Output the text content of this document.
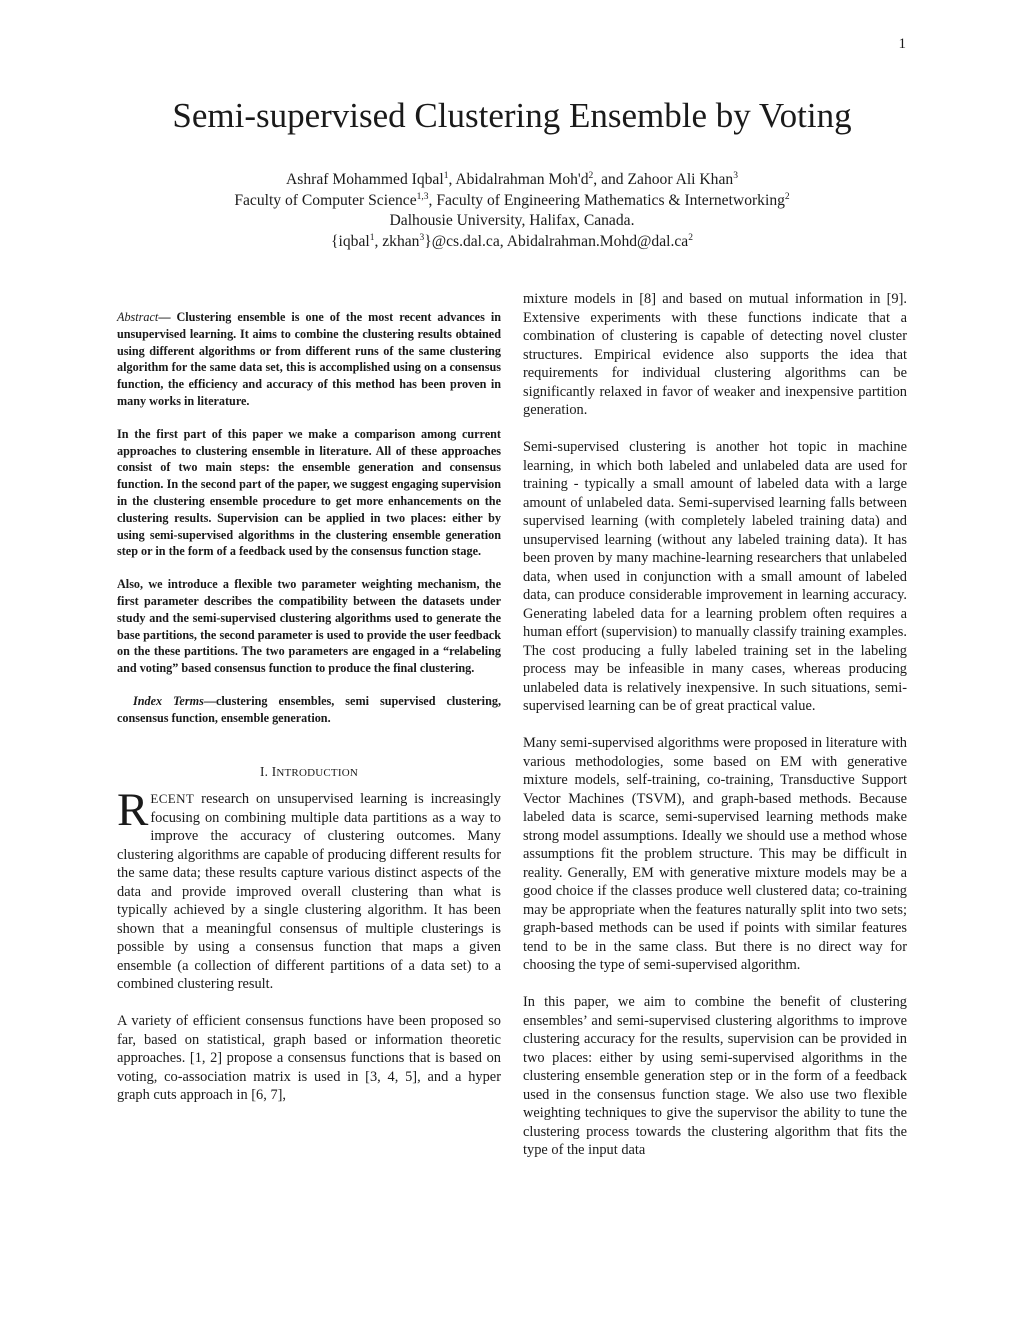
1
Semi-supervised Clustering Ensemble by Voting
Ashraf Mohammed Iqbal$^1$, Abidalrahman $Moh'd^2$, and Zahoor Ali Khan$^3$
Faculty of Computer Science$^{1,3}$, Faculty of Engineering Mathematics & Internetworking$^2$
Dalhousie University, Halifax, Canada.
{iqbal$^1$, zkhan$^3$}@cs.dal.ca, $Abidalrahman.Mohd@dal.ca^2$

Abstract— Clustering ensemble is one of the most recent advances in unsupervised learning. It aims to combine the clustering results obtained using different algorithms or from different runs of the same clustering algorithm for the same data set, this is accomplished using on a consensus function, the efficiency and accuracy of this method has been proven in many works in literature.

In the first part of this paper we make a comparison among current approaches to clustering ensemble in literature. All of these approaches consist of two main steps: the ensemble generation and consensus function. In the second part of the paper, we suggest engaging supervision in the clustering ensemble procedure to get more enhancements on the clustering results. Supervision can be applied in two places: either by using semi-supervised algorithms in the clustering ensemble generation step or in the form of a feedback used by the consensus function stage.

Also, we introduce a flexible two parameter weighting mechanism, the first parameter describes the compatibility between the datasets under study and the semi-supervised clustering algorithms used to generate the base partitions, the second parameter is used to provide the user feedback on the these partitions. The two parameters are engaged in a “relabeling and voting” based consensus function to produce the final clustering.

Index Terms—clustering ensembles, semi supervised clustering, consensus function, ensemble generation.

I. INTRODUCTION

RECENT research on unsupervised learning is increasingly focusing on combining multiple data partitions as a way to improve the accuracy of clustering outcomes. Many clustering algorithms are capable of producing different results for the same data; these results capture various distinct aspects of the data and provide improved overall clustering than what is typically achieved by a single clustering algorithm. It has been shown that a meaningful consensus of multiple clusterings is possible by using a consensus function that maps a given ensemble (a collection of different partitions of a data set) to a combined clustering result.

A variety of efficient consensus functions have been proposed so far, based on statistical, graph based or information theoretic approaches. [1, 2] propose a consensus functions that is based on voting, co-association matrix is used in [3, 4, 5], and a hyper graph cuts approach in [6, 7],

mixture models in [8] and based on mutual information in [9]. Extensive experiments with these functions indicate that a combination of clustering is capable of detecting novel cluster structures. Empirical evidence also supports the idea that requirements for individual clustering algorithms can be significantly relaxed in favor of weaker and inexpensive partition generation.

Semi-supervised clustering is another hot topic in machine learning, in which both labeled and unlabeled data are used for training - typically a small amount of labeled data with a large amount of unlabeled data. Semi-supervised learning falls between supervised learning (with completely labeled training data) and unsupervised learning (without any labeled training data). It has been proven by many machine-learning researchers that unlabeled data, when used in conjunction with a small amount of labeled data, can produce considerable improvement in learning accuracy. Generating labeled data for a learning problem often requires a human effort (supervision) to manually classify training examples. The cost producing a fully labeled training set in the labeling process may be infeasible in many cases, whereas producing unlabeled data is relatively inexpensive. In such situations, semi-supervised learning can be of great practical value.

Many semi-supervised algorithms were proposed in literature with various methodologies, some based on EM with generative mixture models, self-training, co-training, Transductive Support Vector Machines (TSVM), and graph-based methods. Because labeled data is scarce, semi-supervised learning methods make strong model assumptions. Ideally we should use a method whose assumptions fit the problem structure. This may be difficult in reality. Generally, EM with generative mixture models may be a good choice if the classes produce well clustered data; co-training may be appropriate when the features naturally split into two sets; graph-based methods can be used if points with similar features tend to be in the same class. But there is no direct way for choosing the type of semi-supervised algorithm.

In this paper, we aim to combine the benefit of clustering ensembles’ and semi-supervised clustering algorithms to improve clustering accuracy for the results, supervision can be provided in two places: either by using semi-supervised algorithms in the clustering ensemble generation step or in the form of a feedback used in the consensus function stage. We also use two flexible weighting techniques to give the supervisor the ability to tune the clustering process towards the clustering algorithm that fits the type of the input data
